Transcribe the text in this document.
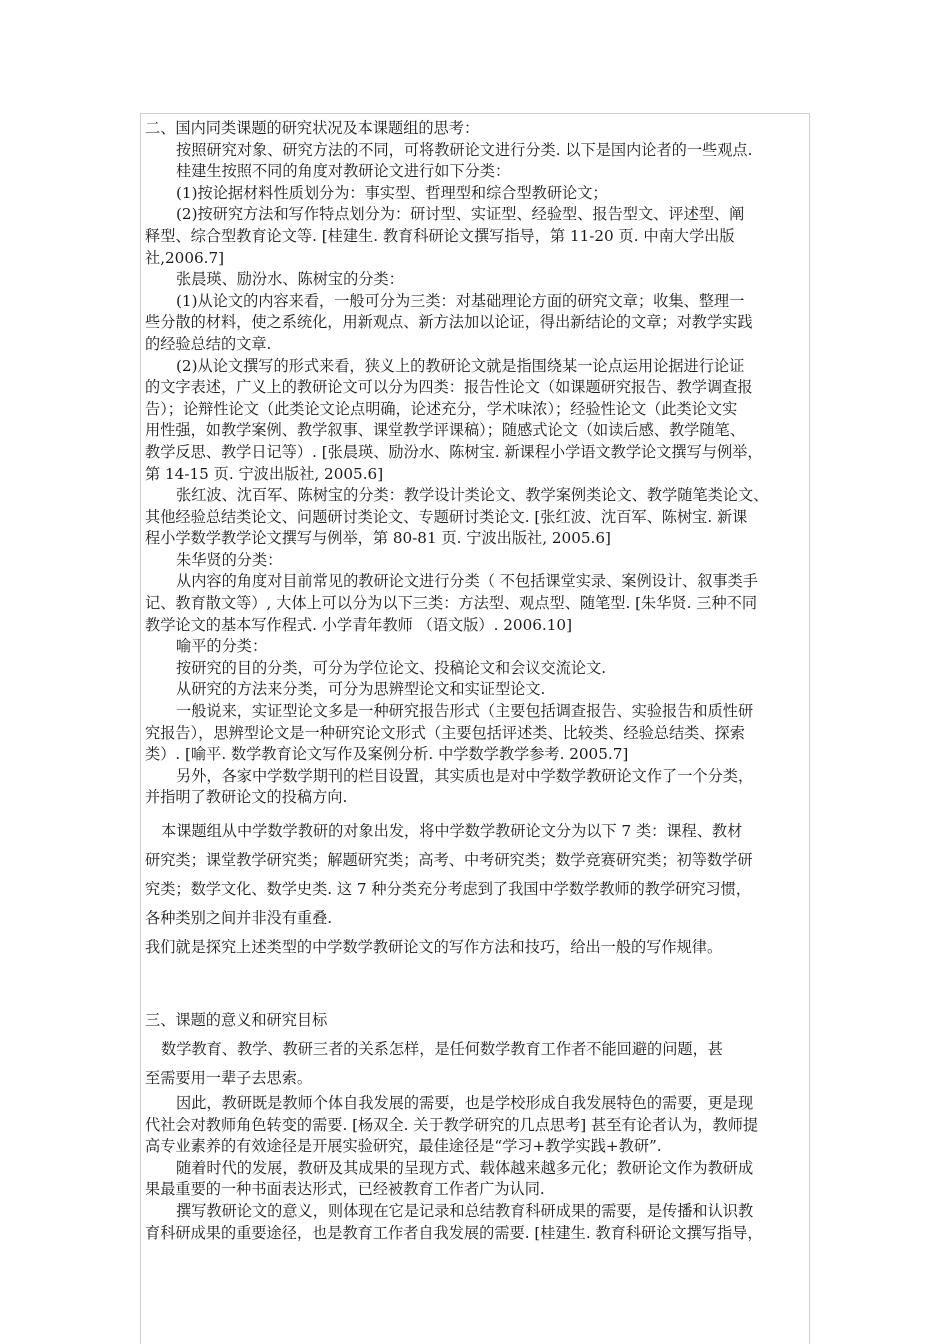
二、国内同类课题的研究状况及本课题组的思考：
按照研究对象、研究方法的不同，可将教研论文进行分类. 以下是国内论者的一些观点.
桂建生按照不同的角度对教研论文进行如下分类：
(1)按论据材料性质划分为：事实型、哲理型和综合型教研论文；
(2)按研究方法和写作特点划分为：研讨型、实证型、经验型、报告型文、评述型、阐
释型、综合型教育论文等. [桂建生. 教育科研论文撰写指导，第 11-20 页. 中南大学出版
社,2006.7]
张晨瑛、励汾水、陈树宝的分类：
(1)从论文的内容来看，一般可分为三类：对基础理论方面的研究文章；收集、整理一
些分散的材料，使之系统化，用新观点、新方法加以论证，得出新结论的文章；对教学实践
的经验总结的文章.
(2)从论文撰写的形式来看，狭义上的教研论文就是指围绕某一论点运用论据进行论证
的文字表述，广义上的教研论文可以分为四类：报告性论文（如课题研究报告、教学调查报
告）；论辩性论文（此类论文论点明确，论述充分，学术味浓）；经验性论文（此类论文实
用性强，如教学案例、教学叙事、课堂教学评课稿）；随感式论文（如读后感、教学随笔、
教学反思、教学日记等）. [张晨瑛、励汾水、陈树宝. 新课程小学语文教学论文撰写与例举，
第 14-15 页. 宁波出版社, 2005.6]
张红波、沈百军、陈树宝的分类：教学设计类论文、教学案例类论文、教学随笔类论文、
其他经验总结类论文、问题研讨类论文、专题研讨类论文. [张红波、沈百军、陈树宝. 新课
程小学数学教学论文撰写与例举，第 80-81 页. 宁波出版社, 2005.6]
朱华贤的分类：
从内容的角度对目前常见的教研论文进行分类（ 不包括课堂实录、案例设计、叙事类手
记、教育散文等）, 大体上可以分为以下三类：方法型、观点型、随笔型. [朱华贤. 三种不同
教学论文的基本写作程式. 小学青年教师 （语文版）. 2006.10]
喻平的分类：
按研究的目的分类，可分为学位论文、投稿论文和会议交流论文.
从研究的方法来分类，可分为思辨型论文和实证型论文.
一般说来，实证型论文多是一种研究报告形式（主要包括调查报告、实验报告和质性研
究报告），思辨型论文是一种研究论文形式（主要包括评述类、比较类、经验总结类、探索
类）. [喻平. 数学教育论文写作及案例分析. 中学数学教学参考. 2005.7]
另外，各家中学数学期刊的栏目设置，其实质也是对中学数学教研论文作了一个分类，
并指明了教研论文的投稿方向.
本课题组从中学数学教研的对象出发，将中学数学教研论文分为以下 7 类：课程、教材
研究类；课堂教学研究类；解题研究类；高考、中考研究类；数学竞赛研究类；初等数学研
究类；数学文化、数学史类. 这 7 种分类充分考虑到了我国中学数学教师的教学研究习惯，
各种类别之间并非没有重叠.
我们就是探究上述类型的中学数学教研论文的写作方法和技巧，给出一般的写作规律。
三、课题的意义和研究目标
数学教育、教学、教研三者的关系怎样，是任何数学教育工作者不能回避的问题，甚
至需要用一辈子去思索。
因此，教研既是教师个体自我发展的需要，也是学校形成自我发展特色的需要，更是现
代社会对教师角色转变的需要. [杨双全. 关于教学研究的几点思考] 甚至有论者认为，教师提
高专业素养的有效途径是开展实验研究，最佳途径是“学习+教学实践+教研”.
随着时代的发展，教研及其成果的呈现方式、载体越来越多元化；教研论文作为教研成
果最重要的一种书面表达形式，已经被教育工作者广为认同.
撰写教研论文的意义，则体现在它是记录和总结教育科研成果的需要，是传播和认识教
育科研成果的重要途径，也是教育工作者自我发展的需要. [桂建生. 教育科研论文撰写指导，
